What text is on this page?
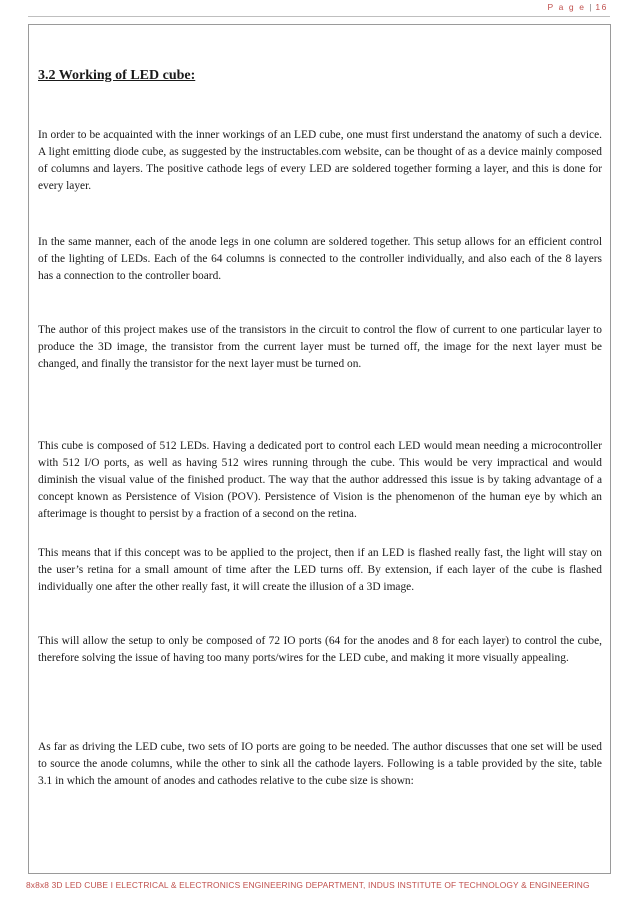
P a g e | 16
3.2 Working of LED cube:

In order to be acquainted with the inner workings of an LED cube, one must first understand the anatomy of such a device. A light emitting diode cube, as suggested by the instructables.com website, can be thought of as a device mainly composed of columns and layers. The positive cathode legs of every LED are soldered together forming a layer, and this is done for every layer.

In the same manner, each of the anode legs in one column are soldered together. This setup allows for an efficient control of the lighting of LEDs. Each of the 64 columns is connected to the controller individually, and also each of the 8 layers has a connection to the controller board.

The author of this project makes use of the transistors in the circuit to control the flow of current to one particular layer to produce the 3D image, the transistor from the current layer must be turned off, the image for the next layer must be changed, and finally the transistor for the next layer must be turned on.

This cube is composed of 512 LEDs. Having a dedicated port to control each LED would mean needing a microcontroller with 512 I/O ports, as well as having 512 wires running through the cube. This would be very impractical and would diminish the visual value of the finished product. The way that the author addressed this issue is by taking advantage of a concept known as Persistence of Vision (POV). Persistence of Vision is the phenomenon of the human eye by which an afterimage is thought to persist by a fraction of a second on the retina.

This means that if this concept was to be applied to the project, then if an LED is flashed really fast, the light will stay on the user’s retina for a small amount of time after the LED turns off. By extension, if each layer of the cube is flashed individually one after the other really fast, it will create the illusion of a 3D image.

This will allow the setup to only be composed of 72 IO ports (64 for the anodes and 8 for each layer) to control the cube, therefore solving the issue of having too many ports/wires for the LED cube, and making it more visually appealing.

As far as driving the LED cube, two sets of IO ports are going to be needed. The author discusses that one set will be used to source the anode columns, while the other to sink all the cathode layers. Following is a table provided by the site, table 3.1 in which the amount of anodes and cathodes relative to the cube size is shown:

8x8x8 3D LED CUBE I ELECTRICAL & ELECTRONICS ENGINEERING DEPARTMENT, INDUS INSTITUTE OF TECHNOLOGY & ENGINEERING
